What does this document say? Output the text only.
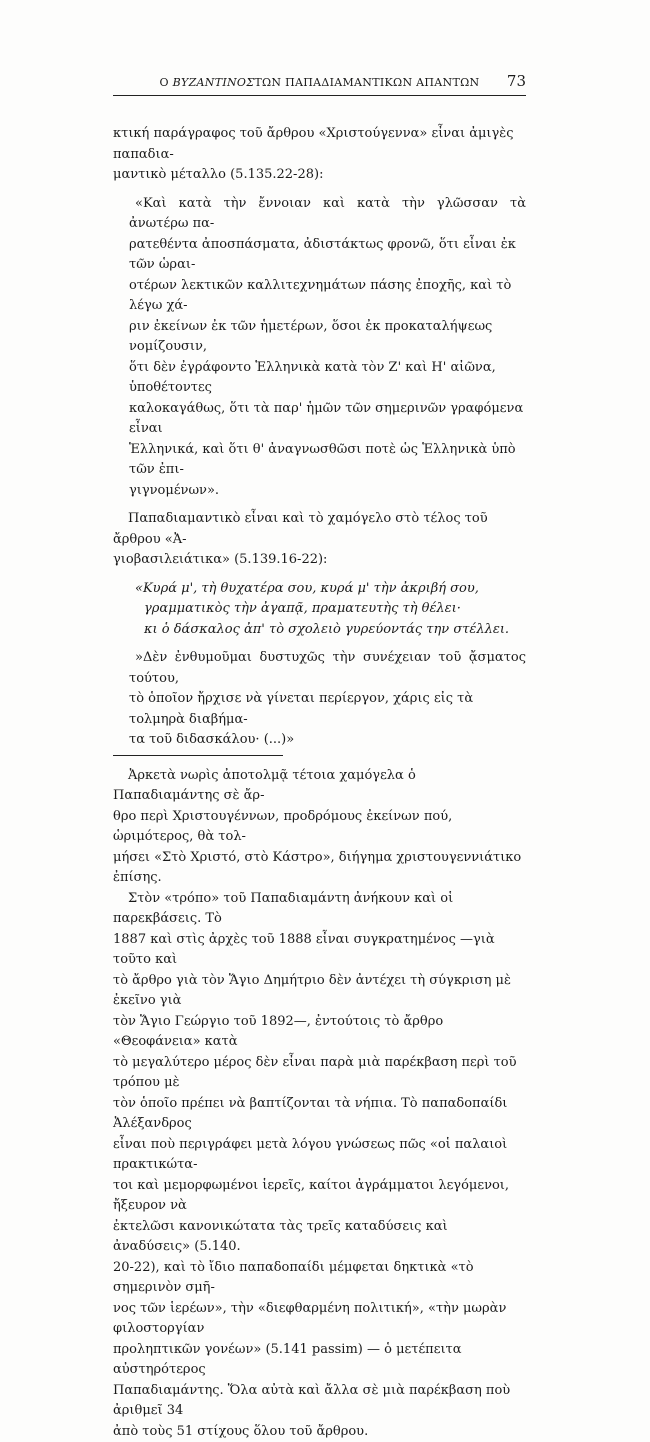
Ο ΒΥΖΑΝΤΙΝΟΣΤΩΝ ΠΑΠΑΔΙΑΜΑΝΤΙΚΩΝ ΑΠΑΝΤΩΝ	73
κτική παράγραφος τοῦ ἄρθρου «Χριστούγεννα» εἶναι ἀμιγὲς παπαδια-
μαντικὸ μέταλλο (5.135.22-28):
«Καὶ κατὰ τὴν ἔννοιαν καὶ κατὰ τὴν γλῶσσαν τὰ ἀνωτέρω πα-
ρατεθέντα ἀποσπάσματα, ἀδιστάκτως φρονῶ, ὅτι εἶναι ἐκ τῶν ὡραι-
οτέρων λεκτικῶν καλλιτεχνημάτων πάσης ἐποχῆς, καὶ τὸ λέγω χά-
ριν ἐκείνων ἐκ τῶν ἡμετέρων, ὅσοι ἐκ προκαταλήψεως νομίζουσιν,
ὅτι δὲν ἐγράφοντο Ἑλληνικὰ κατὰ τὸν Ζ' καὶ Η' αἰῶνα, ὑποθέτοντες
καλοκαγάθως, ὅτι τὰ παρ' ἡμῶν τῶν σημερινῶν γραφόμενα εἶναι
Ἑλληνικά, καὶ ὅτι θ' ἀναγνωσθῶσι ποτὲ ὡς Ἑλληνικὰ ὑπὸ τῶν ἐπι-
γιγνομένων».
Παπαδιαμαντικὸ εἶναι καὶ τὸ χαμόγελο στὸ τέλος τοῦ ἄρθρου «Ἀ-
γιοβασιλειάτικα» (5.139.16-22):
«Κυρά μ', τὴ θυχατέρα σου, κυρά μ' τὴν ἀκριβή σου,
γραμματικὸς τὴν ἀγαπᾷ, πραματευτὴς τὴ θέλει·
κι ὁ δάσκαλος ἀπ' τὸ σχολειὸ γυρεύοντάς την στέλλει.
»Δὲν ἐνθυμοῦμαι δυστυχῶς τὴν συνέχειαν τοῦ ᾄσματος τούτου,
τὸ ὁποῖον ἤρχισε νὰ γίνεται περίεργον, χάρις εἰς τὰ τολμηρὰ διαβήμα-
τα τοῦ διδασκάλου· (...)»
Ἀρκετὰ νωρὶς ἀποτολμᾷ τέτοια χαμόγελα ὁ Παπαδιαμάντης σὲ ἄρ-
θρο περὶ Χριστουγέννων, προδρόμους ἐκείνων πού, ὡριμότερος, θὰ τολ-
μήσει «Στὸ Χριστό, στὸ Κάστρο», διήγημα χριστουγεννιάτικο ἐπίσης.
Στὸν «τρόπο» τοῦ Παπαδιαμάντη ἀνήκουν καὶ οἱ παρεκβάσεις. Τὸ
1887 καὶ στὶς ἀρχὲς τοῦ 1888 εἶναι συγκρατημένος —γιὰ τοῦτο καὶ
τὸ ἄρθρο γιὰ τὸν Ἅγιο Δημήτριο δὲν ἀντέχει τὴ σύγκριση μὲ ἐκεῖνο γιὰ
τὸν Ἅγιο Γεώργιο τοῦ 1892—, ἐντούτοις τὸ ἄρθρο «Θεοφάνεια» κατὰ
τὸ μεγαλύτερο μέρος δὲν εἶναι παρὰ μιὰ παρέκβαση περὶ τοῦ τρόπου μὲ
τὸν ὁποῖο πρέπει νὰ βαπτίζονται τὰ νήπια. Τὸ παπαδοπαίδι Ἀλέξανδρος
εἶναι ποὺ περιγράφει μετὰ λόγου γνώσεως πῶς «οἱ παλαιοὶ πρακτικώτα-
τοι καὶ μεμορφωμένοι ἱερεῖς, καίτοι ἀγράμματοι λεγόμενοι, ἤξευρον νὰ
ἐκτελῶσι κανονικώτατα τὰς τρεῖς καταδύσεις καὶ ἀναδύσεις» (5.140.
20-22), καὶ τὸ ἴδιο παπαδοπαίδι μέμφεται δηκτικὰ «τὸ σημερινὸν σμῆ-
νος τῶν ἱερέων», τὴν «διεφθαρμένη πολιτική», «τὴν μωρὰν φιλοστοργίαν
προληπτικῶν γονέων» (5.141 passim) — ὁ μετέπειτα αὐστηρότερος
Παπαδιαμάντης. Ὅλα αὐτὰ καὶ ἄλλα σὲ μιὰ παρέκβαση ποὺ ἀριθμεῖ 34
ἀπὸ τοὺς 51 στίχους ὅλου τοῦ ἄρθρου.
